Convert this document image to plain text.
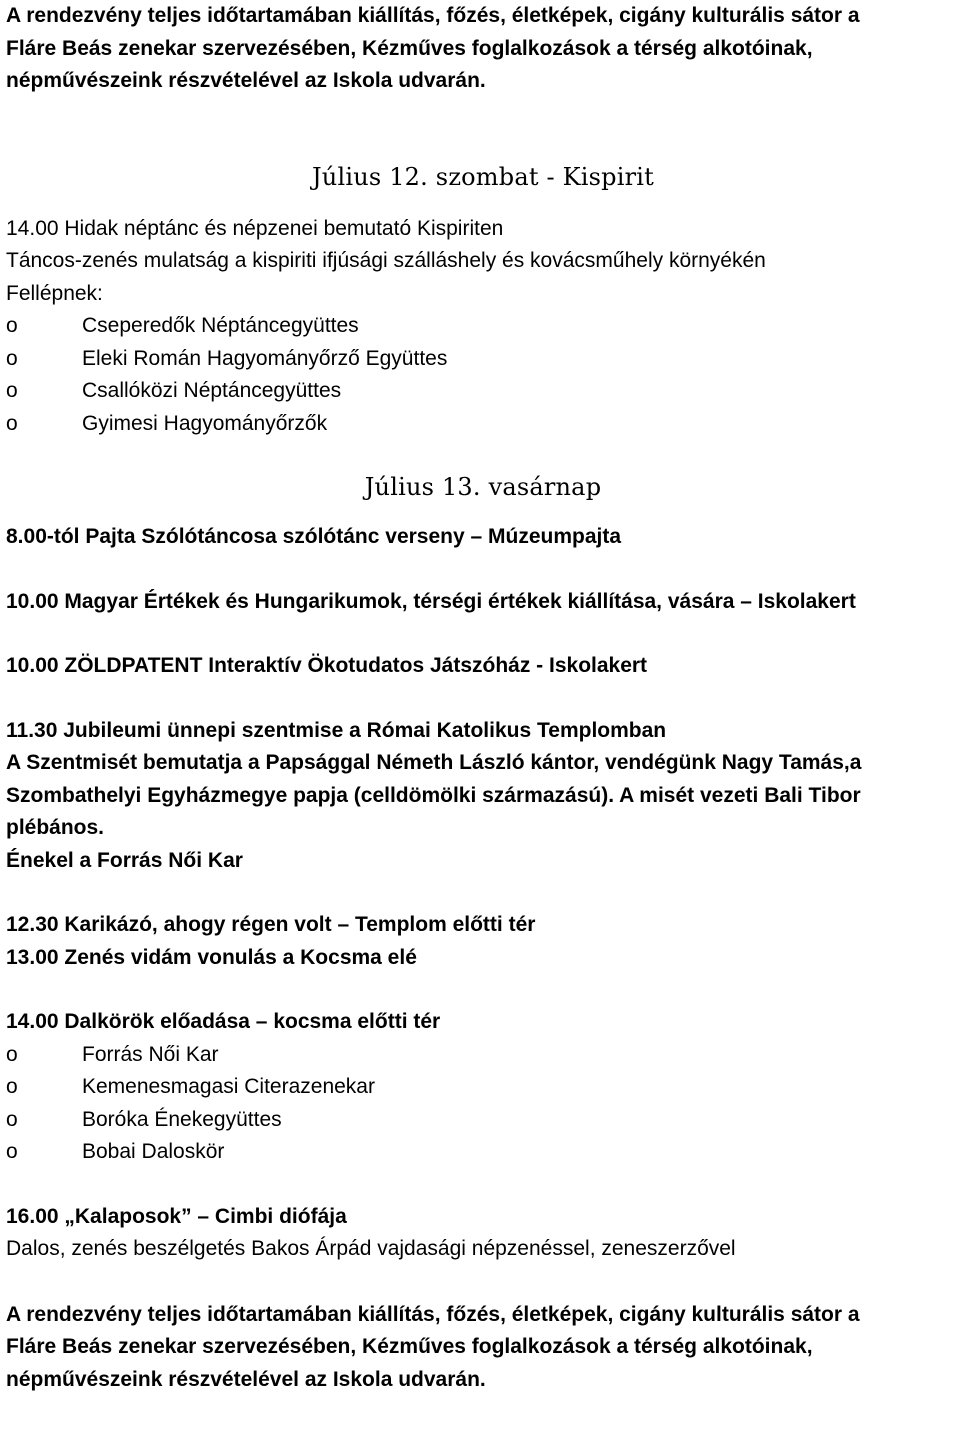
A rendezvény teljes időtartamában kiállítás, főzés, életképek, cigány kulturális sátor a
Fláre Beás zenekar szervezésében, Kézműves foglalkozások a térség alkotóinak,
népművészeink részvételével az Iskola udvarán.
Július 12. szombat - Kispirit
14.00 Hidak néptánc és népzenei bemutató Kispiriten
Táncos-zenés mulatság a kispiriti ifjúsági szálláshely és kovácsműhely környékén
Fellépnek:
o	Cseperedők Néptáncegyüttes
o	Eleki Román Hagyományőrző Együttes
o	Csallóközi Néptáncegyüttes
o	Gyimesi Hagyományőrzők
Július 13. vasárnap
8.00-tól Pajta Szólótáncosa szólótánc verseny – Múzeumpajta
10.00 Magyar Értékek és Hungarikumok, térségi értékek kiállítása, vására – Iskolakert
10.00 ZÖLDPATENT Interaktív Ökotudatos Játszóház - Iskolakert
11.30 Jubileumi ünnepi szentmise a Római Katolikus Templomban
A Szentmisét bemutatja a Papsággal Németh László kántor, vendégünk Nagy Tamás,a
Szombathelyi Egyházmegye papja (celldömölki származású). A misét vezeti Bali Tibor
plébános.
Énekel a Forrás Női Kar
12.30 Karikázó, ahogy régen volt – Templom előtti tér
13.00 Zenés vidám vonulás a Kocsma elé
14.00 Dalkörök előadása – kocsma előtti tér
o	Forrás Női Kar
o	Kemenesmagasi Citerazenekar
o	Boróka Énekegyüttes
o	Bobai Daloskör
16.00 „Kalaposok” – Cimbi diófája
Dalos, zenés beszélgetés Bakos Árpád vajdasági népzenéssel, zeneszerzővel
A rendezvény teljes időtartamában kiállítás, főzés, életképek, cigány kulturális sátor a
Fláre Beás zenekar szervezésében, Kézműves foglalkozások a térség alkotóinak,
népművészeink részvételével az Iskola udvarán.
